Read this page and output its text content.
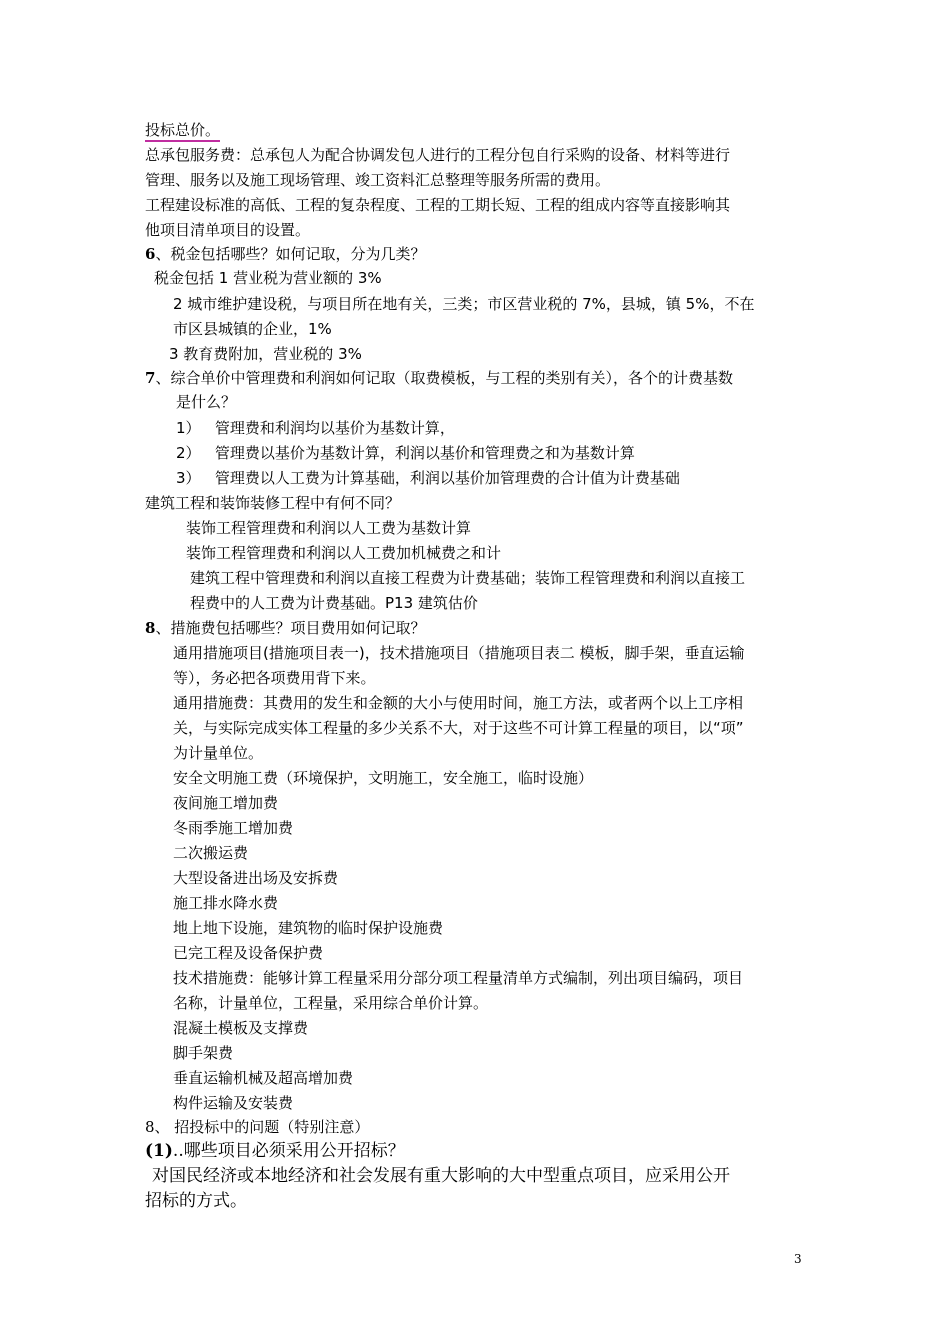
投标总价。
总承包服务费：总承包人为配合协调发包人进行的工程分包自行采购的设备、材料等进行
管理、服务以及施工现场管理、竣工资料汇总整理等服务所需的费用。
工程建设标准的高低、工程的复杂程度、工程的工期长短、工程的组成内容等直接影响其
他项目清单项目的设置。
6、税金包括哪些？如何记取，分为几类？
税金包括 1 营业税为营业额的 3%
2 城市维护建设税，与项目所在地有关，三类；市区营业税的 7%，县城，镇 5%，不在
市区县城镇的企业，1%
3 教育费附加，营业税的 3%
7、综合单价中管理费和利润如何记取（取费模板，与工程的类别有关），各个的计费基数
是什么？
1）   管理费和利润均以基价为基数计算，
2）   管理费以基价为基数计算，利润以基价和管理费之和为基数计算
3）   管理费以人工费为计算基础，利润以基价加管理费的合计值为计费基础
建筑工程和装饰装修工程中有何不同？
装饰工程管理费和利润以人工费为基数计算
装饰工程管理费和利润以人工费加机械费之和计
建筑工程中管理费和利润以直接工程费为计费基础；装饰工程管理费和利润以直接工
程费中的人工费为计费基础。P13 建筑估价
8、措施费包括哪些？项目费用如何记取？
通用措施项目(措施项目表一)，技术措施项目（措施项目表二 模板，脚手架，垂直运输
等），务必把各项费用背下来。
通用措施费：其费用的发生和金额的大小与使用时间，施工方法，或者两个以上工序相
关，与实际完成实体工程量的多少关系不大，对于这些不可计算工程量的项目，以“项”
为计量单位。
安全文明施工费（环境保护，文明施工，安全施工，临时设施）
夜间施工增加费
冬雨季施工增加费
二次搬运费
大型设备进出场及安拆费
施工排水降水费
地上地下设施，建筑物的临时保护设施费
已完工程及设备保护费
技术措施费：能够计算工程量采用分部分项工程量清单方式编制，列出项目编码，项目
名称，计量单位，工程量，采用综合单价计算。
混凝土模板及支撑费
脚手架费
垂直运输机械及超高增加费
构件运输及安装费
8、 招投标中的问题（特别注意）
(1)..哪些项目必须采用公开招标？
对国民经济或本地经济和社会发展有重大影响的大中型重点项目，应采用公开
招标的方式。
3
